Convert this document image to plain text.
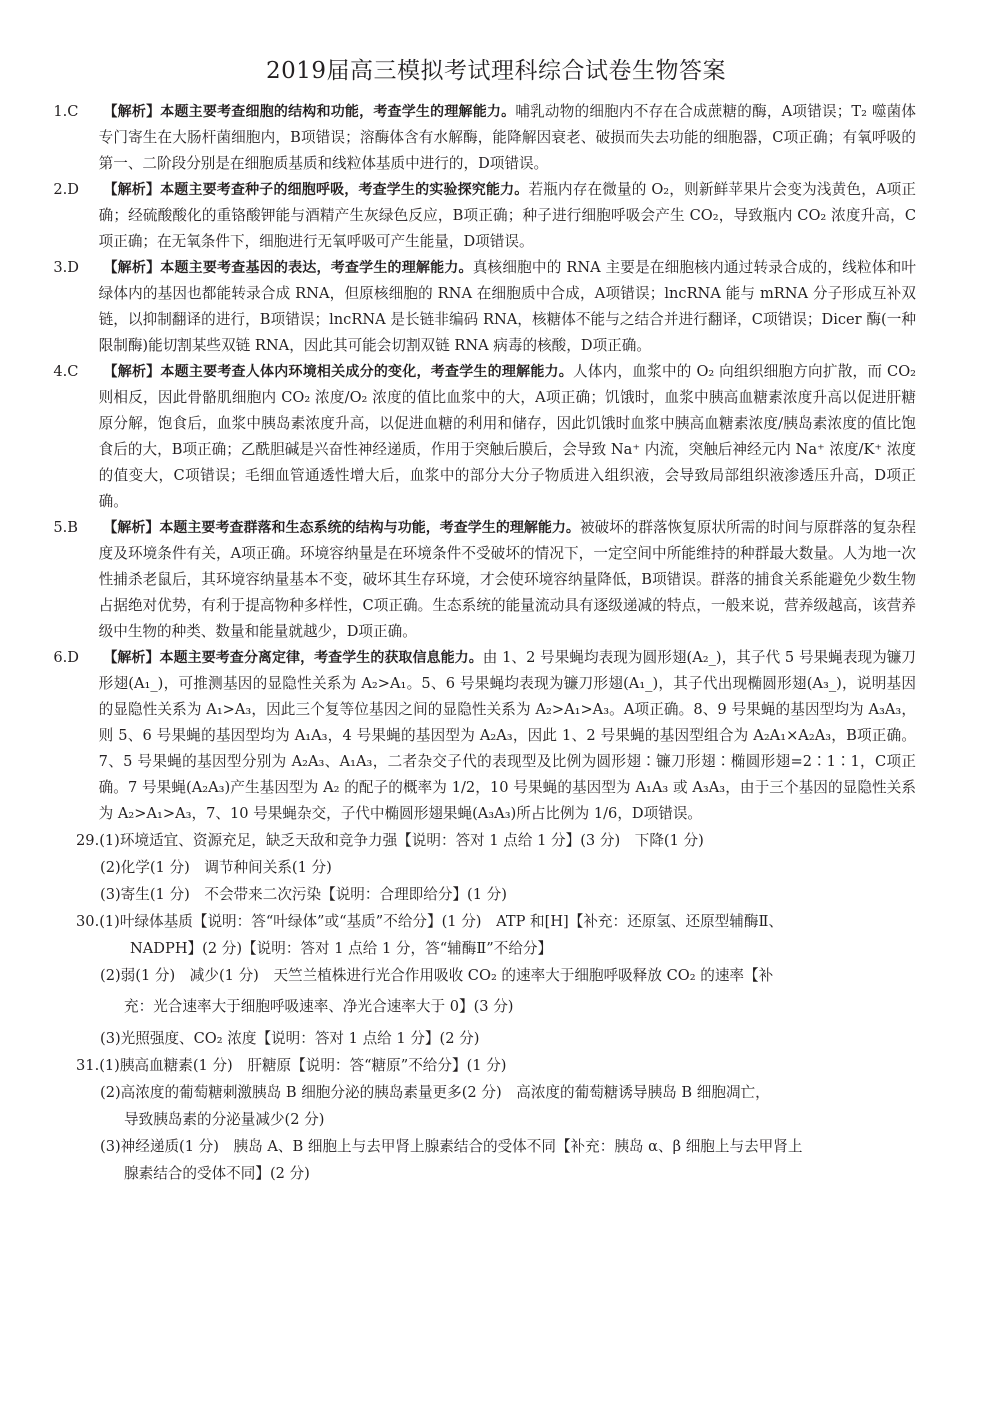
2019届高三模拟考试理科综合试卷生物答案
1.C 【解析】本题主要考查细胞的结构和功能，考查学生的理解能力。哺乳动物的细胞内不存在合成蔗糖的酶，A项错误；T₂ 噬菌体专门寄生在大肠杆菌细胞内，B项错误；溶酶体含有水解酶，能降解因衰老、破损而失去功能的细胞器，C项正确；有氧呼吸的第一、二阶段分别是在细胞质基质和线粒体基质中进行的，D项错误。
2.D 【解析】本题主要考查种子的细胞呼吸，考查学生的实验探究能力。若瓶内存在微量的 O₂，则新鲜苹果片会变为浅黄色，A项正确；经硫酸酸化的重铬酸钾能与酒精产生灰绿色反应，B项正确；种子进行细胞呼吸会产生 CO₂，导致瓶内 CO₂ 浓度升高，C项正确；在无氧条件下，细胞进行无氧呼吸可产生能量，D项错误。
3.D 【解析】本题主要考查基因的表达，考查学生的理解能力。真核细胞中的 RNA 主要是在细胞核内通过转录合成的，线粒体和叶绿体内的基因也都能转录合成 RNA，但原核细胞的 RNA 在细胞质中合成，A项错误；lncRNA 能与 mRNA 分子形成互补双链，以抑制翻译的进行，B项错误；lncRNA 是长链非编码 RNA，核糖体不能与之结合并进行翻译，C项错误；Dicer 酶(一种限制酶)能切割某些双链 RNA，因此其可能会切割双链 RNA 病毒的核酸，D项正确。
4.C 【解析】本题主要考查人体内环境相关成分的变化，考查学生的理解能力。人体内，血浆中的 O₂ 向组织细胞方向扩散，而 CO₂ 则相反，因此骨骼肌细胞内 CO₂ 浓度/O₂ 浓度的值比血浆中的大，A项正确；饥饿时，血浆中胰高血糖素浓度升高以促进肝糖原分解，饱食后，血浆中胰岛素浓度升高，以促进血糖的利用和储存，因此饥饿时血浆中胰高血糖素浓度/胰岛素浓度的值比饱食后的大，B项正确；乙酰胆碱是兴奋性神经递质，作用于突触后膜后，会导致 Na⁺ 内流，突触后神经元内 Na⁺ 浓度/K⁺ 浓度的值变大，C项错误；毛细血管通透性增大后，血浆中的部分大分子物质进入组织液，会导致局部组织液渗透压升高，D项正确。
5.B 【解析】本题主要考查群落和生态系统的结构与功能，考查学生的理解能力。被破坏的群落恢复原状所需的时间与原群落的复杂程度及环境条件有关，A项正确。环境容纳量是在环境条件不受破坏的情况下，一定空间中所能维持的种群最大数量。人为地一次性捕杀老鼠后，其环境容纳量基本不变，破坏其生存环境，才会使环境容纳量降低，B项错误。群落的捕食关系能避免少数生物占据绝对优势，有利于提高物种多样性，C项正确。生态系统的能量流动具有逐级递减的特点，一般来说，营养级越高，该营养级中生物的种类、数量和能量就越少，D项正确。
6.D 【解析】本题主要考查分离定律，考查学生的获取信息能力。由 1、2 号果蝇均表现为圆形翅(A₂_)，其子代 5 号果蝇表现为镰刀形翅(A₁_)，可推测基因的显隐性关系为 A₂>A₁。5、6 号果蝇均表现为镰刀形翅(A₁_)，其子代出现椭圆形翅(A₃_)，说明基因的显隐性关系为 A₁>A₃，因此三个复等位基因之间的显隐性关系为 A₂>A₁>A₃。A项正确。8、9 号果蝇的基因型均为 A₃A₃，则 5、6 号果蝇的基因型均为 A₁A₃，4 号果蝇的基因型为 A₂A₃，因此 1、2 号果蝇的基因型组合为 A₂A₁×A₂A₃，B项正确。7、5 号果蝇的基因型分别为 A₂A₃、A₁A₃，二者杂交子代的表现型及比例为圆形翅∶镰刀形翅∶椭圆形翅=2∶1∶1，C项正确。7 号果蝇(A₂A₃)产生基因型为 A₂ 的配子的概率为 1/2，10 号果蝇的基因型为 A₁A₃ 或 A₃A₃，由于三个基因的显隐性关系为 A₂>A₁>A₃，7、10 号果蝇杂交，子代中椭圆形翅果蝇(A₃A₃)所占比例为 1/6，D项错误。
29.(1)环境适宜、资源充足，缺乏天敌和竞争力强【说明：答对 1 点给 1 分】(3 分)　下降(1 分)
(2)化学(1 分)　调节种间关系(1 分)
(3)寄生(1 分)　不会带来二次污染【说明：合理即给分】(1 分)
30.(1)叶绿体基质【说明：答“叶绿体”或“基质”不给分】(1 分)　ATP 和[H]【补充：还原氢、还原型辅酶Ⅱ、
NADPH】(2 分)【说明：答对 1 点给 1 分，答“辅酶Ⅱ”不给分】
(2)弱(1 分)　减少(1 分)　天竺兰植株进行光合作用吸收 CO₂ 的速率大于细胞呼吸释放 CO₂ 的速率【补
充：光合速率大于细胞呼吸速率、净光合速率大于 0】(3 分)
(3)光照强度、CO₂ 浓度【说明：答对 1 点给 1 分】(2 分)
31.(1)胰高血糖素(1 分)　肝糖原【说明：答“糖原”不给分】(1 分)
(2)高浓度的葡萄糖刺激胰岛 B 细胞分泌的胰岛素量更多(2 分)　高浓度的葡萄糖诱导胰岛 B 细胞凋亡，
导致胰岛素的分泌量减少(2 分)
(3)神经递质(1 分)　胰岛 A、B 细胞上与去甲肾上腺素结合的受体不同【补充：胰岛 α、β 细胞上与去甲肾上
腺素结合的受体不同】(2 分)
